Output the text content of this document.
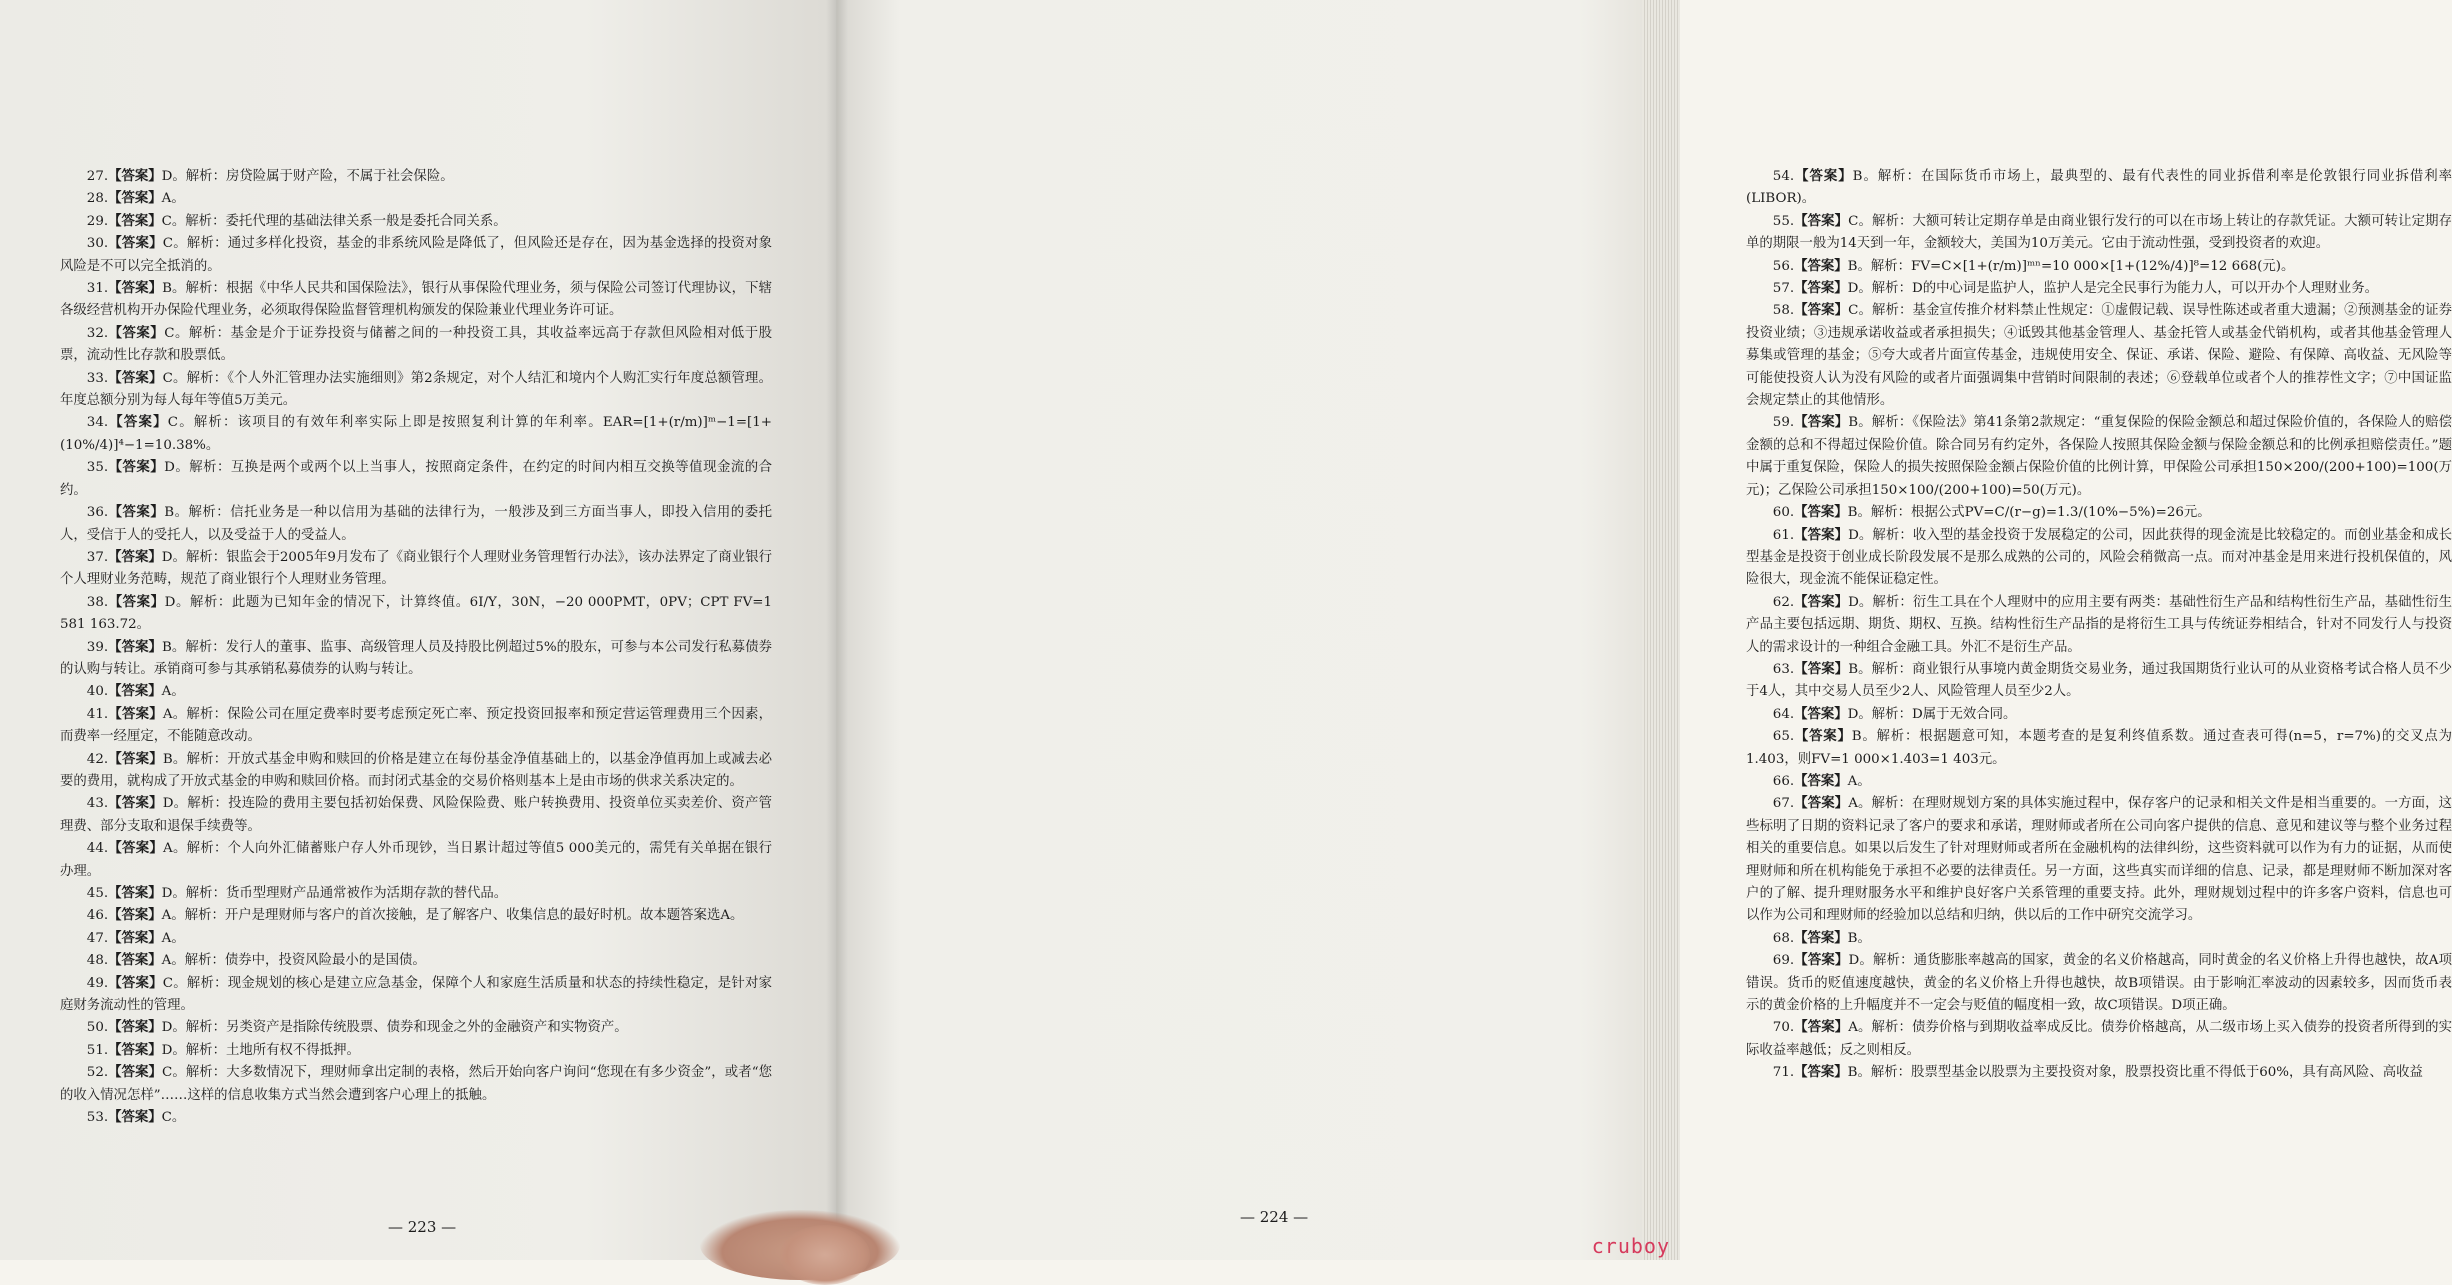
27.【答案】D。解析：房贷险属于财产险，不属于社会保险。

28.【答案】A。

29.【答案】C。解析：委托代理的基础法律关系一般是委托合同关系。

30.【答案】C。解析：通过多样化投资，基金的非系统风险是降低了，但风险还是存在，因为基金选择的投资对象风险是不可以完全抵消的。

31.【答案】B。解析：根据《中华人民共和国保险法》，银行从事保险代理业务，须与保险公司签订代理协议，下辖各级经营机构开办保险代理业务，必须取得保险监督管理机构颁发的保险兼业代理业务许可证。

32.【答案】C。解析：基金是介于证券投资与储蓄之间的一种投资工具，其收益率远高于存款但风险相对低于股票，流动性比存款和股票低。

33.【答案】C。解析：《个人外汇管理办法实施细则》第2条规定，对个人结汇和境内个人购汇实行年度总额管理。年度总额分别为每人每年等值5万美元。

34.【答案】C。解析：该项目的有效年利率实际上即是按照复利计算的年利率。EAR=[1+(r/m)]ᵐ−1=[1+(10%/4)]⁴−1=10.38%。

35.【答案】D。解析：互换是两个或两个以上当事人，按照商定条件，在约定的时间内相互交换等值现金流的合约。

36.【答案】B。解析：信托业务是一种以信用为基础的法律行为，一般涉及到三方面当事人，即投入信用的委托人，受信于人的受托人，以及受益于人的受益人。

37.【答案】D。解析：银监会于2005年9月发布了《商业银行个人理财业务管理暂行办法》，该办法界定了商业银行个人理财业务范畴，规范了商业银行个人理财业务管理。

38.【答案】D。解析：此题为已知年金的情况下，计算终值。6I/Y，30N，−20 000PMT，0PV；CPT FV=1 581 163.72。

39.【答案】B。解析：发行人的董事、监事、高级管理人员及持股比例超过5%的股东，可参与本公司发行私募债券的认购与转让。承销商可参与其承销私募债券的认购与转让。

40.【答案】A。

41.【答案】A。解析：保险公司在厘定费率时要考虑预定死亡率、预定投资回报率和预定营运管理费用三个因素，而费率一经厘定，不能随意改动。

42.【答案】B。解析：开放式基金申购和赎回的价格是建立在每份基金净值基础上的，以基金净值再加上或减去必要的费用，就构成了开放式基金的申购和赎回价格。而封闭式基金的交易价格则基本上是由市场的供求关系决定的。

43.【答案】D。解析：投连险的费用主要包括初始保费、风险保险费、账户转换费用、投资单位买卖差价、资产管理费、部分支取和退保手续费等。

44.【答案】A。解析：个人向外汇储蓄账户存人外币现钞，当日累计超过等值5 000美元的，需凭有关单据在银行办理。

45.【答案】D。解析：货币型理财产品通常被作为活期存款的替代品。

46.【答案】A。解析：开户是理财师与客户的首次接触，是了解客户、收集信息的最好时机。故本题答案选A。

47.【答案】A。

48.【答案】A。解析：债券中，投资风险最小的是国债。

49.【答案】C。解析：现金规划的核心是建立应急基金，保障个人和家庭生活质量和状态的持续性稳定，是针对家庭财务流动性的管理。

50.【答案】D。解析：另类资产是指除传统股票、债券和现金之外的金融资产和实物资产。

51.【答案】D。解析：土地所有权不得抵押。

52.【答案】C。解析：大多数情况下，理财师拿出定制的表格，然后开始向客户询问“您现在有多少资金”，或者“您的收入情况怎样”……这样的信息收集方式当然会遭到客户心理上的抵触。

53.【答案】C。

— 223 —

54.【答案】B。解析：在国际货币市场上，最典型的、最有代表性的同业拆借利率是伦敦银行同业拆借利率(LIBOR)。

55.【答案】C。解析：大额可转让定期存单是由商业银行发行的可以在市场上转让的存款凭证。大额可转让定期存单的期限一般为14天到一年，金额较大，美国为10万美元。它由于流动性强，受到投资者的欢迎。

56.【答案】B。解析：FV=C×[1+(r/m)]ᵐⁿ=10 000×[1+(12%/4)]⁸=12 668(元)。

57.【答案】D。解析：D的中心词是监护人，监护人是完全民事行为能力人，可以开办个人理财业务。

58.【答案】C。解析：基金宣传推介材料禁止性规定：①虚假记载、误导性陈述或者重大遗漏；②预测基金的证券投资业绩；③违规承诺收益或者承担损失；④诋毁其他基金管理人、基金托管人或基金代销机构，或者其他基金管理人募集或管理的基金；⑤夸大或者片面宣传基金，违规使用安全、保证、承诺、保险、避险、有保障、高收益、无风险等可能使投资人认为没有风险的或者片面强调集中营销时间限制的表述；⑥登载单位或者个人的推荐性文字；⑦中国证监会规定禁止的其他情形。

59.【答案】B。解析：《保险法》第41条第2款规定：“重复保险的保险金额总和超过保险价值的，各保险人的赔偿金额的总和不得超过保险价值。除合同另有约定外，各保险人按照其保险金额与保险金额总和的比例承担赔偿责任。”题中属于重复保险，保险人的损失按照保险金额占保险价值的比例计算，甲保险公司承担150×200/(200+100)=100(万元)；乙保险公司承担150×100/(200+100)=50(万元)。

60.【答案】B。解析：根据公式PV=C/(r−g)=1.3/(10%−5%)=26元。

61.【答案】D。解析：收入型的基金投资于发展稳定的公司，因此获得的现金流是比较稳定的。而创业基金和成长型基金是投资于创业成长阶段发展不是那么成熟的公司的，风险会稍微高一点。而对冲基金是用来进行投机保值的，风险很大，现金流不能保证稳定性。

62.【答案】D。解析：衍生工具在个人理财中的应用主要有两类：基础性衍生产品和结构性衍生产品，基础性衍生产品主要包括远期、期货、期权、互换。结构性衍生产品指的是将衍生工具与传统证券相结合，针对不同发行人与投资人的需求设计的一种组合金融工具。外汇不是衍生产品。

63.【答案】B。解析：商业银行从事境内黄金期货交易业务，通过我国期货行业认可的从业资格考试合格人员不少于4人，其中交易人员至少2人、风险管理人员至少2人。

64.【答案】D。解析：D属于无效合同。

65.【答案】B。解析：根据题意可知，本题考查的是复利终值系数。通过查表可得(n=5，r=7%)的交叉点为1.403，则FV=1 000×1.403=1 403元。

66.【答案】A。

67.【答案】A。解析：在理财规划方案的具体实施过程中，保存客户的记录和相关文件是相当重要的。一方面，这些标明了日期的资料记录了客户的要求和承诺，理财师或者所在公司向客户提供的信息、意见和建议等与整个业务过程相关的重要信息。如果以后发生了针对理财师或者所在金融机构的法律纠纷，这些资料就可以作为有力的证据，从而使理财师和所在机构能免于承担不必要的法律责任。另一方面，这些真实而详细的信息、记录，都是理财师不断加深对客户的了解、提升理财服务水平和维护良好客户关系管理的重要支持。此外，理财规划过程中的许多客户资料，信息也可以作为公司和理财师的经验加以总结和归纳，供以后的工作中研究交流学习。

68.【答案】B。

69.【答案】D。解析：通货膨胀率越高的国家，黄金的名义价格越高，同时黄金的名义价格上升得也越快，故A项错误。货币的贬值速度越快，黄金的名义价格上升得也越快，故B项错误。由于影响汇率波动的因素较多，因而货币表示的黄金价格的上升幅度并不一定会与贬值的幅度相一致，故C项错误。D项正确。

70.【答案】A。解析：债券价格与到期收益率成反比。债券价格越高，从二级市场上买入债券的投资者所得到的实际收益率越低；反之则相反。

71.【答案】B。解析：股票型基金以股票为主要投资对象，股票投资比重不得低于60%，具有高风险、高收益

— 224 —
cruboy
